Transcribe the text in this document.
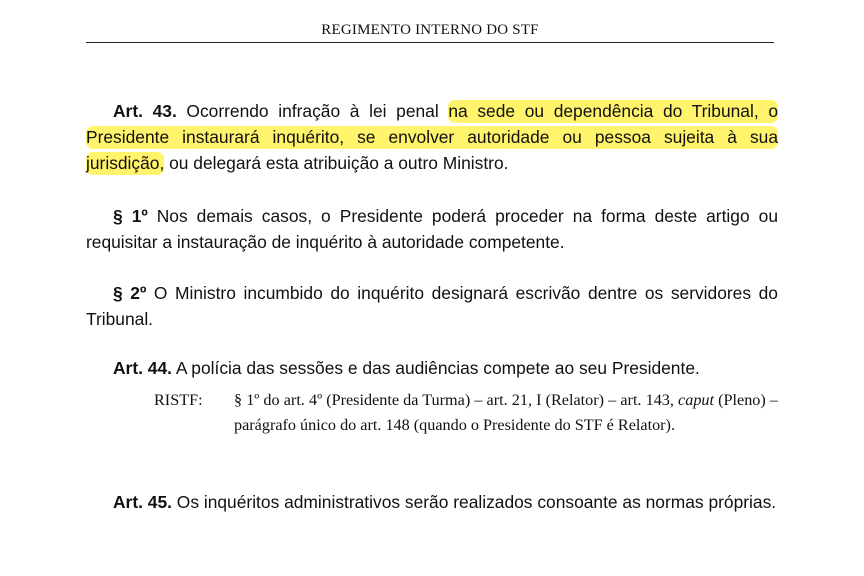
REGIMENTO INTERNO DO STF

Art. 43. Ocorrendo infração à lei penal na sede ou dependência do Tribunal, o Presidente instaurará inquérito, se envolver autoridade ou pessoa sujeita à sua jurisdição, ou delegará esta atribuição a outro Ministro.

§ 1º Nos demais casos, o Presidente poderá proceder na forma deste artigo ou requisitar a instauração de inquérito à autoridade competente.

§ 2º O Ministro incumbido do inquérito designará escrivão dentre os servidores do Tribunal.

Art. 44. A polícia das sessões e das audiências compete ao seu Presidente.

RISTF:	§ 1º do art. 4º (Presidente da Turma) – art. 21, I (Relator) – art. 143, caput (Pleno) – parágrafo único do art. 148 (quando o Presidente do STF é Relator).

Art. 45. Os inquéritos administrativos serão realizados consoante as normas próprias.
